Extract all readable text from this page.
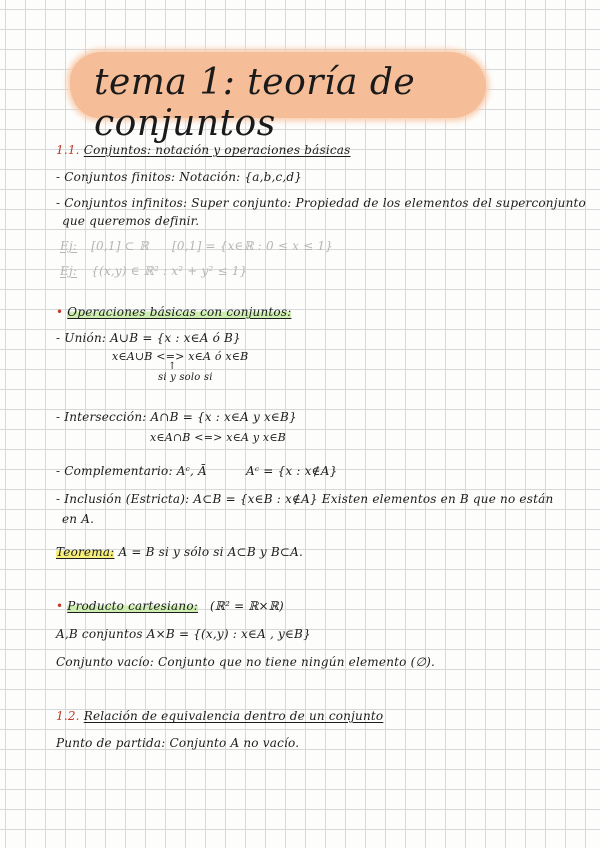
tema 1: teoría de conjuntos
1.1. Conjuntos: notación y operaciones básicas
- Conjuntos finitos: Notación: {a,b,c,d}
- Conjuntos infinitos: Super conjunto: Propiedad de los elementos del superconjunto
que queremos definir.
Ej: [0,1] ⊂ ℝ [0,1] = {x∈ℝ : 0 ≤ x ≤ 1}
Ej: {(x,y) ∈ ℝ² : x² + y² ≤ 1}
• Operaciones básicas con conjuntos:
- Unión: A∪B = {x : x∈A ó B}
x∈A∪B <=> x∈A ó x∈B
↑
si y solo si
- Intersección: A∩B = {x : x∈A y x∈B}
x∈A∩B <=> x∈A y x∈B
- Complementario: Aᶜ, Ā	Aᶜ = {x : x∉A}
- Inclusión (Estricta): A⊂B = {x∈B : x∉A} Existen elementos en B que no están
en A.
Teorema: A = B si y sólo si A⊂B y B⊂A.
• Producto cartesiano: (ℝ² = ℝ×ℝ)
A,B conjuntos A×B = {(x,y) : x∈A , y∈B}
Conjunto vacío: Conjunto que no tiene ningún elemento (∅).
1.2. Relación de equivalencia dentro de un conjunto
Punto de partida: Conjunto A no vacío.
